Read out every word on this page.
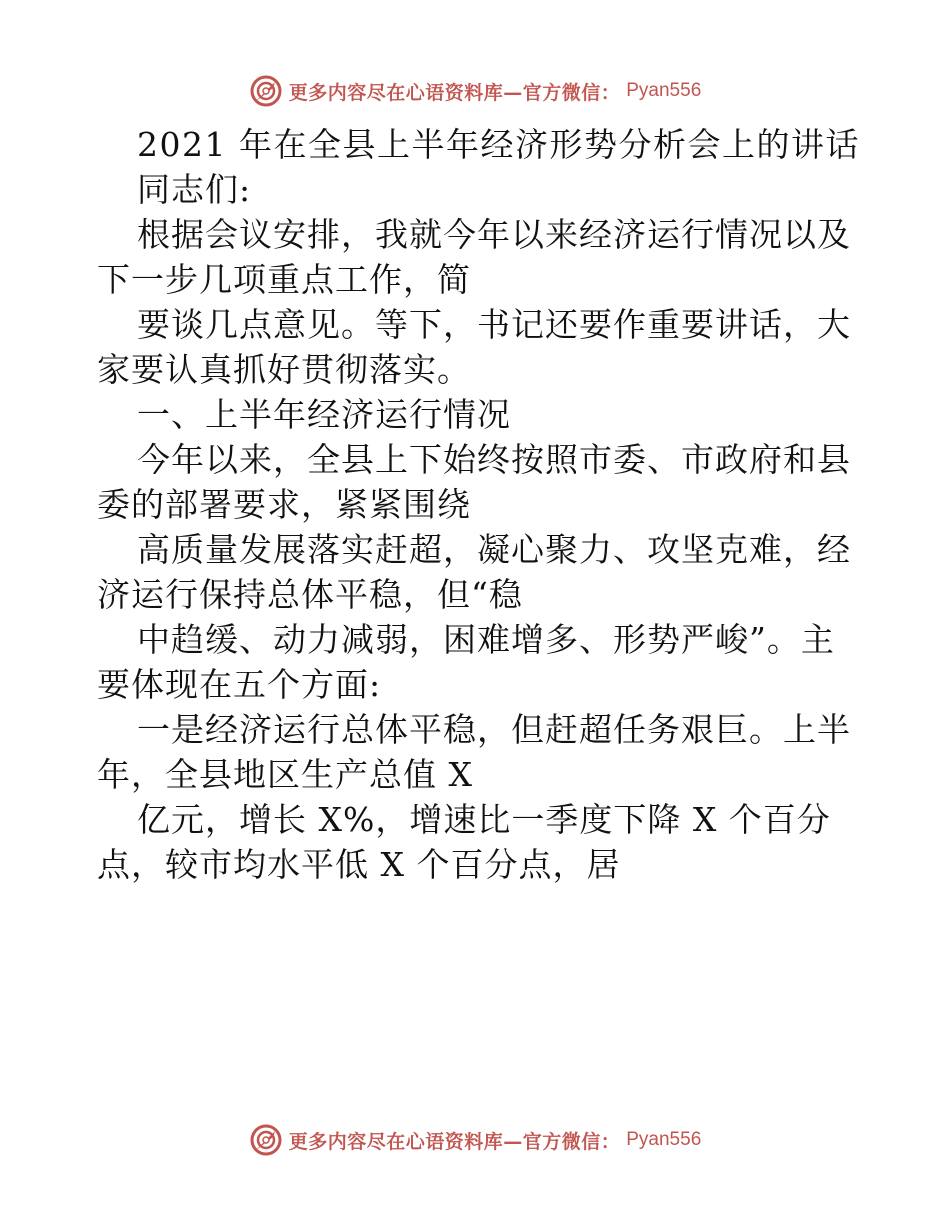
更多内容尽在心语资料库—官方微信： Pyan556

2021 年在全县上半年经济形势分析会上的讲话

同志们:

根据会议安排，我就今年以来经济运行情况以及

下一步几项重点工作，简

要谈几点意见。等下，书记还要作重要讲话，大

家要认真抓好贯彻落实。

一、上半年经济运行情况

今年以来，全县上下始终按照市委、市政府和县

委的部署要求，紧紧围绕

高质量发展落实赶超，凝心聚力、攻坚克难，经

济运行保持总体平稳，但“稳

中趋缓、动力减弱，困难增多、形势严峻”。主

要体现在五个方面:

一是经济运行总体平稳，但赶超任务艰巨。上半

年，全县地区生产总值 X

亿元，增长 X%，增速比一季度下降 X 个百分

点，较市均水平低 X 个百分点，居

更多内容尽在心语资料库—官方微信： Pyan556
